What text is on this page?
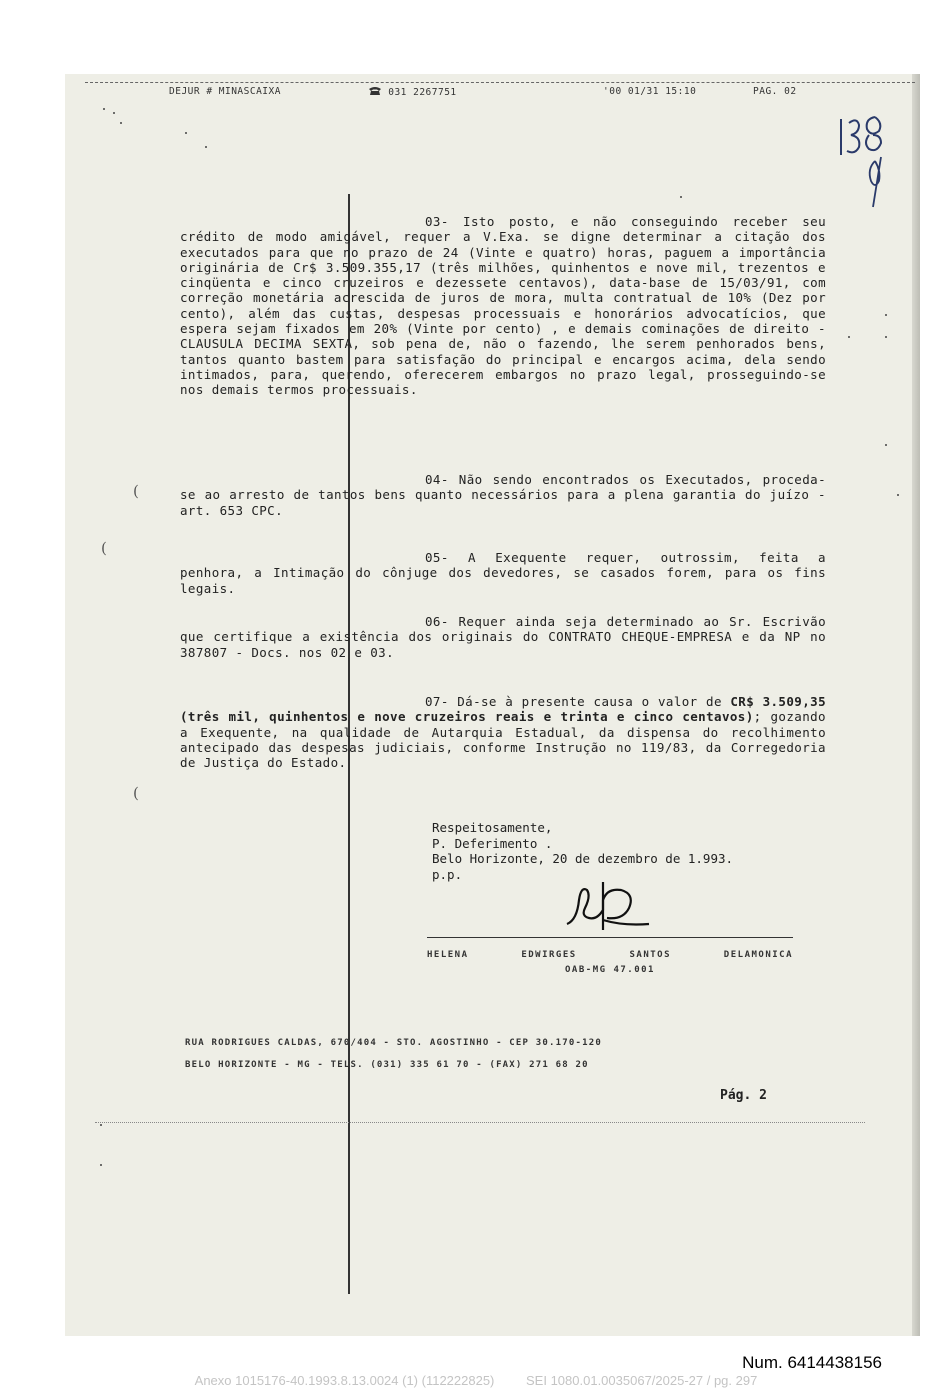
DEJUR # MINASCAIXA	031 2267751	'00 01/31 15:10	PAG. 02
(
(
(
03- Isto posto, e não conseguindo receber seu crédito de modo amigável, requer a V.Exa. se digne determinar a citação dos executados para que no prazo de 24 (Vinte e quatro) horas, paguem a importância originária de Cr$ 3.509.355,17 (três milhões, quinhentos e nove mil, trezentos e cinqüenta e cinco cruzeiros e dezessete centavos), data-base de 15/03/91, com correção monetária acrescida de juros de mora, multa contratual de 10% (Dez por cento), além das custas, despesas processuais e honorários advocatícios, que espera sejam fixados em 20% (Vinte por cento) , e demais cominações de direito - CLAUSULA DECIMA SEXTA, sob pena de, não o fazendo, lhe serem penhorados bens, tantos quanto bastem para satisfação do principal e encargos acima, dela sendo intimados, para, querendo, oferecerem embargos no prazo legal, prosseguindo-se nos demais termos processuais.
04- Não sendo encontrados os Executados, proceda-se ao arresto de tantos bens quanto necessários para a plena garantia do juízo -art. 653 CPC.
05- A Exequente requer, outrossim, feita a penhora, a Intimação do cônjuge dos devedores, se casados forem, para os fins legais.
06- Requer ainda seja determinado ao Sr. Escrivão que certifique a existência dos originais do CONTRATO CHEQUE-EMPRESA e da NP no 387807 - Docs. nos 02 e 03.
07- Dá-se à presente causa o valor de CR$ 3.509,35 (três mil, quinhentos e nove cruzeiros reais e trinta e cinco centavos); gozando a Exequente, na qualidade de Autarquia Estadual, da dispensa do recolhimento antecipado das despesas judiciais, conforme Instrução no 119/83, da Corregedoria de Justiça do Estado.
Respeitosamente,
P. Deferimento .
Belo Horizonte, 20 de dezembro de 1.993.
p.p.
HELENA EDWIRGES SANTOS DELAMONICA
OAB-MG 47.001
RUA RODRIGUES CALDAS, 670/404 - STO. AGOSTINHO - CEP 30.170-120
BELO HORIZONTE - MG - TELS. (031) 335 61 70 - (FAX) 271 68 20
Pág. 2
Num. 6414438156
Anexo 1015176-40.1993.8.13.0024 (1) (112222825) SEI 1080.01.0035067/2025-27 / pg. 297
